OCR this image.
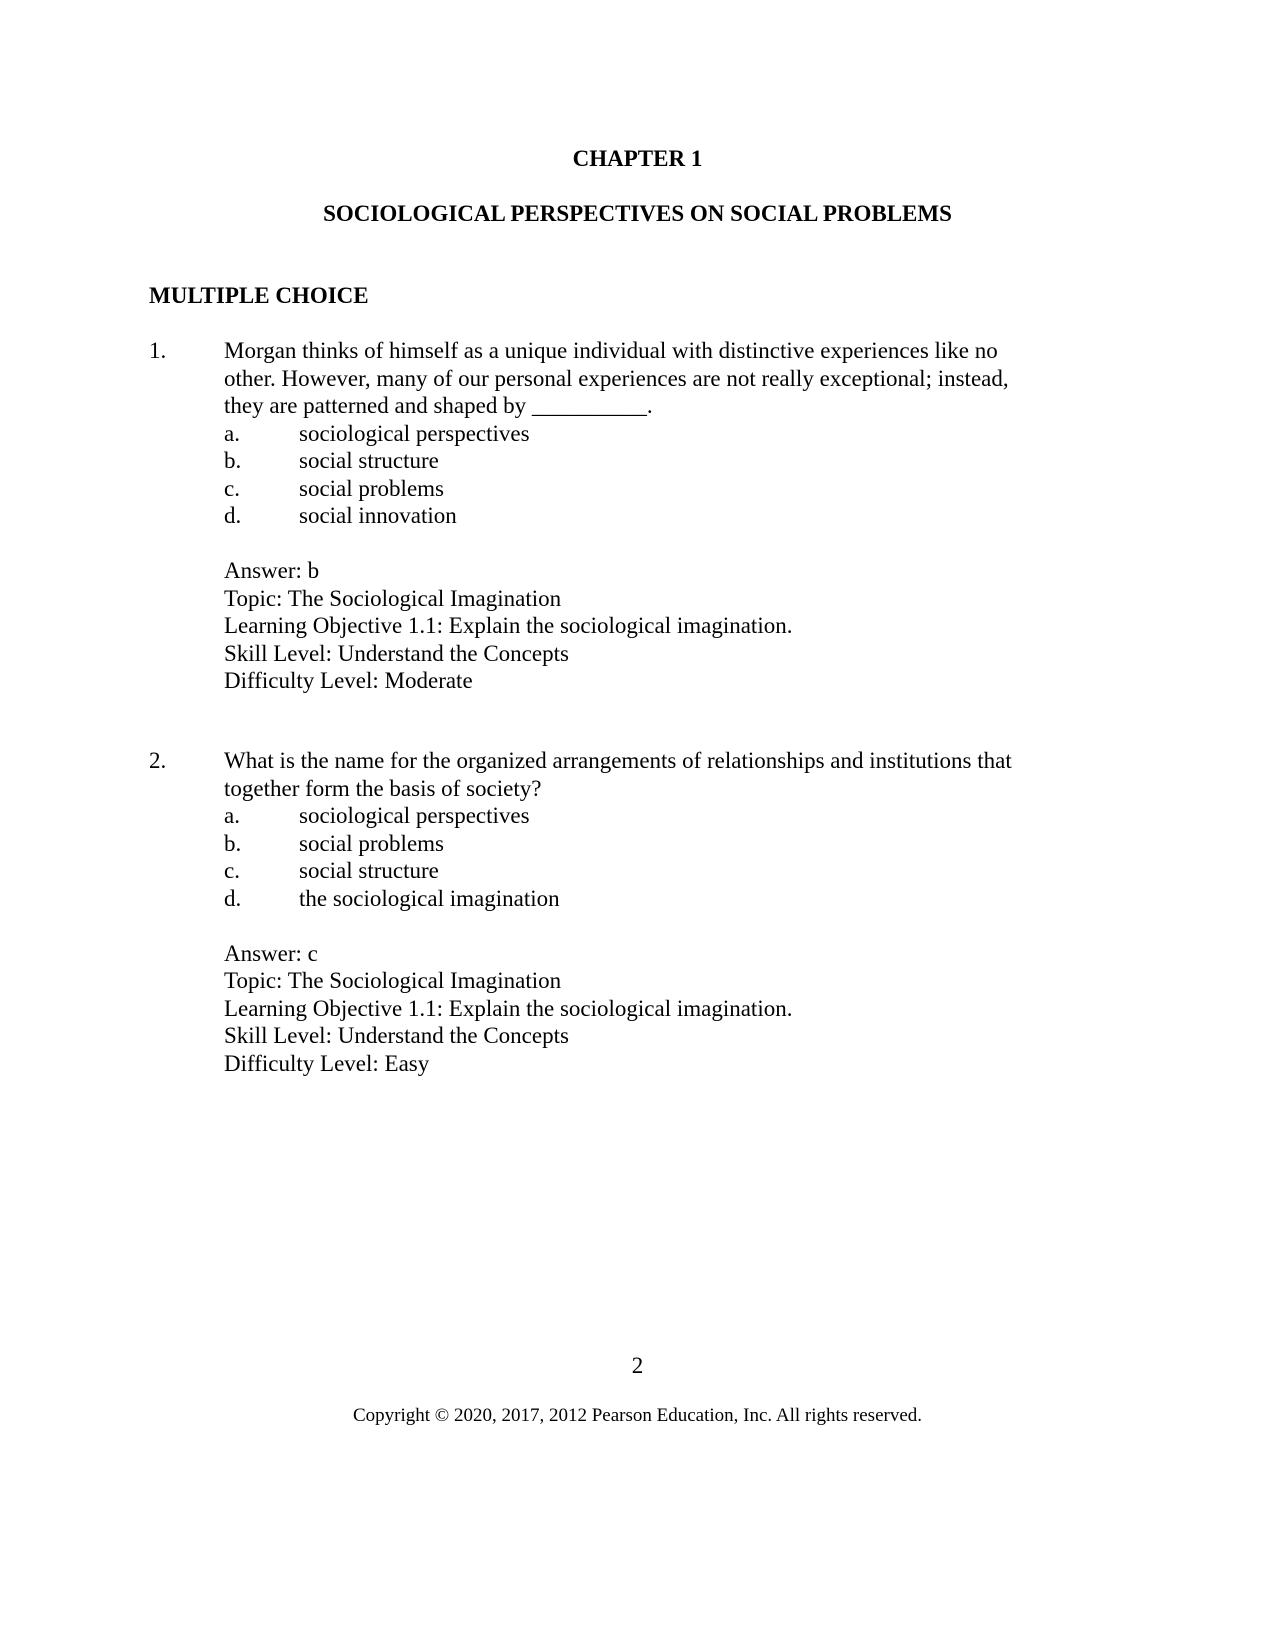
CHAPTER 1
SOCIOLOGICAL PERSPECTIVES ON SOCIAL PROBLEMS
MULTIPLE CHOICE
1.	Morgan thinks of himself as a unique individual with distinctive experiences like no
other. However, many of our personal experiences are not really exceptional; instead,
they are patterned and shaped by __________.
a.	sociological perspectives
b.	social structure
c.	social problems
d.	social innovation
Answer: b
Topic: The Sociological Imagination
Learning Objective 1.1: Explain the sociological imagination.
Skill Level: Understand the Concepts
Difficulty Level: Moderate
2.	What is the name for the organized arrangements of relationships and institutions that
together form the basis of society?
a.	sociological perspectives
b.	social problems
c.	social structure
d.	the sociological imagination
Answer: c
Topic: The Sociological Imagination
Learning Objective 1.1: Explain the sociological imagination.
Skill Level: Understand the Concepts
Difficulty Level: Easy
2
Copyright © 2020, 2017, 2012 Pearson Education, Inc. All rights reserved.
